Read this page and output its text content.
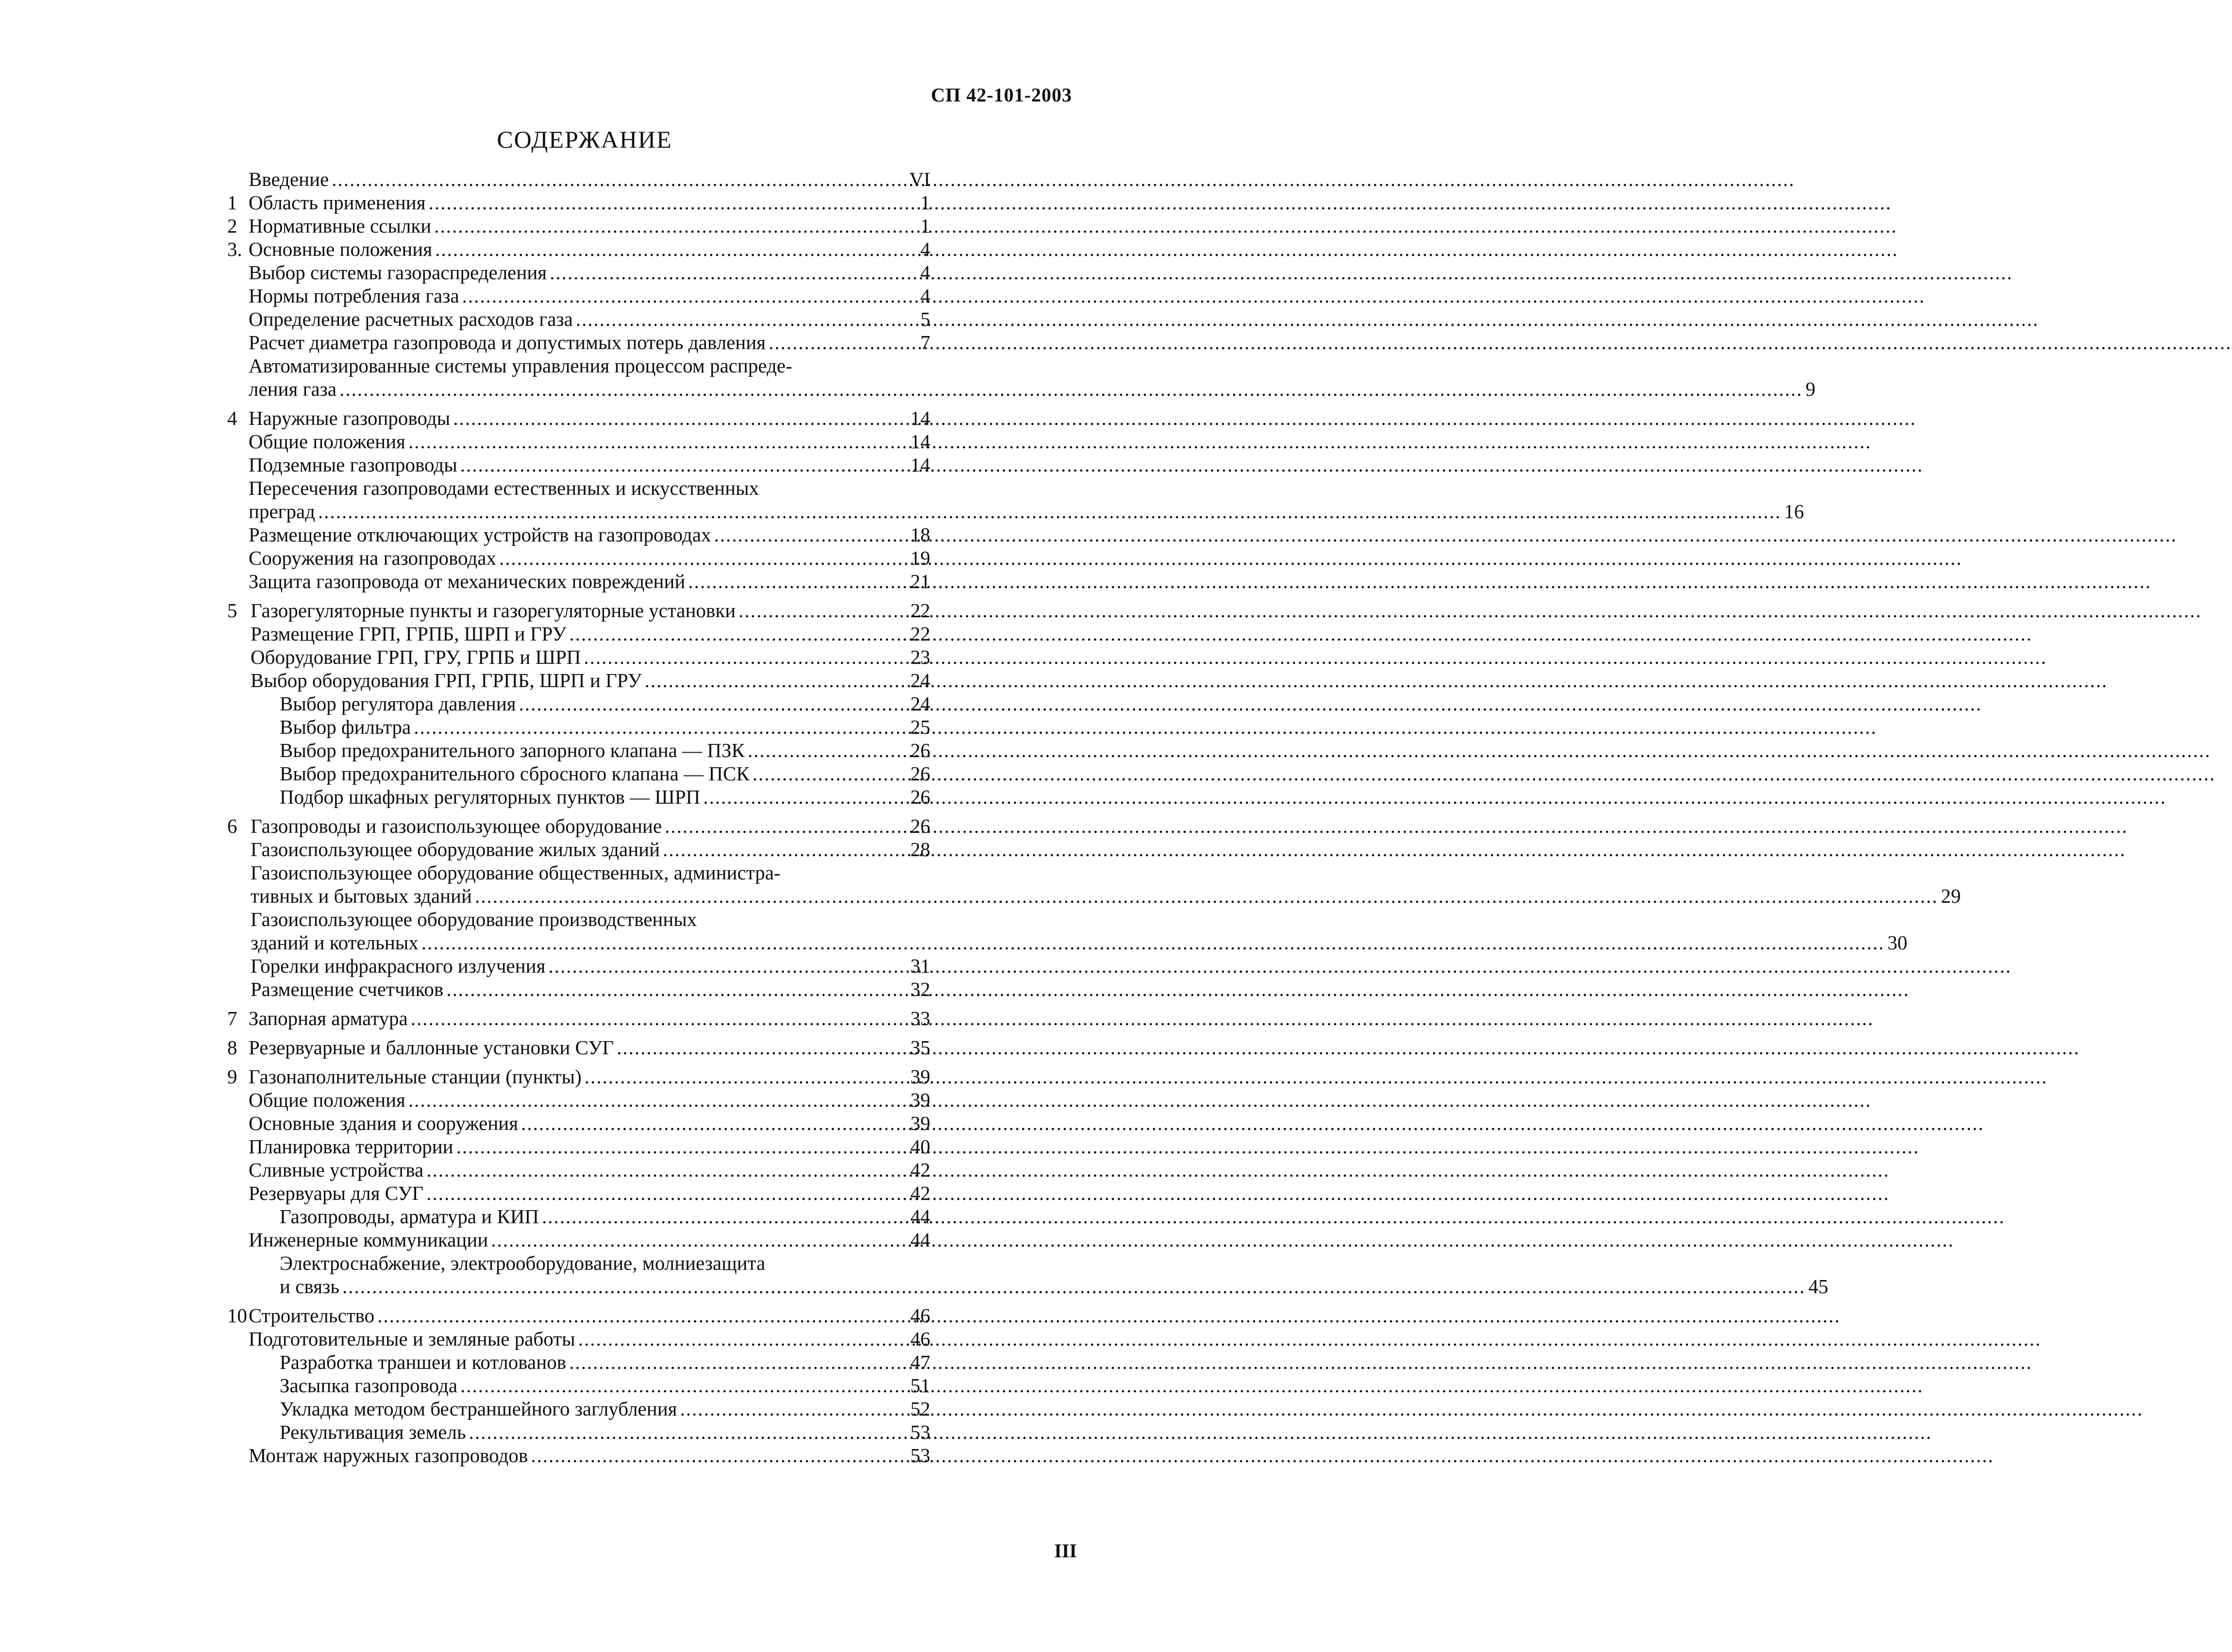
СП 42-101-2003
СОДЕРЖАНИЕ
Введение .....	VI
1 Область применения .....	1
2 Нормативные ссылки .....	1
3. Основные положения .....	4
Выбор системы газораспределения .....	4
Нормы потребления газа .....	4
Определение расчетных расходов газа .....	5
Расчет диаметра газопровода и допустимых потерь давления .....	7
Автоматизированные системы управления процессом распреде-
ления газа .....	9
4 Наружные газопроводы .....	14
Общие положения .....	14
Подземные газопроводы .....	14
Пересечения газопроводами естественных и искусственных
преград .....	16
Размещение отключающих устройств на газопроводах .....	18
Сооружения на газопроводах .....	19
Защита газопровода от механических повреждений .....	21
5 Газорегуляторные пункты и газорегуляторные установки .....	22
Размещение ГРП, ГРПБ, ШРП и ГРУ .....	22
Оборудование ГРП, ГРУ, ГРПБ и ШРП .....	23
Выбор оборудования ГРП, ГРПБ, ШРП и ГРУ .....	24
Выбор регулятора давления .....	24
Выбор фильтра .....	25
Выбор предохранительного запорного клапана — ПЗК .....	26
Выбор предохранительного сбросного клапана — ПСК .....	26
Подбор шкафных регуляторных пунктов — ШРП .....	26
6 Газопроводы и газоиспользующее оборудование .....	26
Газоиспользующее оборудование жилых зданий .....	28
Газоиспользующее оборудование общественных, администра-
тивных и бытовых зданий .....	29
Газоиспользующее оборудование производственных
зданий и котельных .....	30
Горелки инфракрасного излучения .....	31
Размещение счетчиков .....	32
7 Запорная арматура .....	33
8 Резервуарные и баллонные установки СУГ .....	35
9 Газонаполнительные станции (пункты) .....	39
Общие положения .....	39
Основные здания и сооружения .....	39
Планировка территории .....	40
Сливные устройства .....	42
Резервуары для СУГ .....	42
Газопроводы, арматура и КИП .....	44
Инженерные коммуникации .....	44
Электроснабжение, электрооборудование, молниезащита
и связь .....	45
10 Строительство .....	46
Подготовительные и земляные работы .....	46
Разработка траншеи и котлованов .....	47
Засыпка газопровода .....	51
Укладка методом бестраншейного заглубления .....	52
Рекультивация земель .....	53
Монтаж наружных газопроводов .....	53
III
